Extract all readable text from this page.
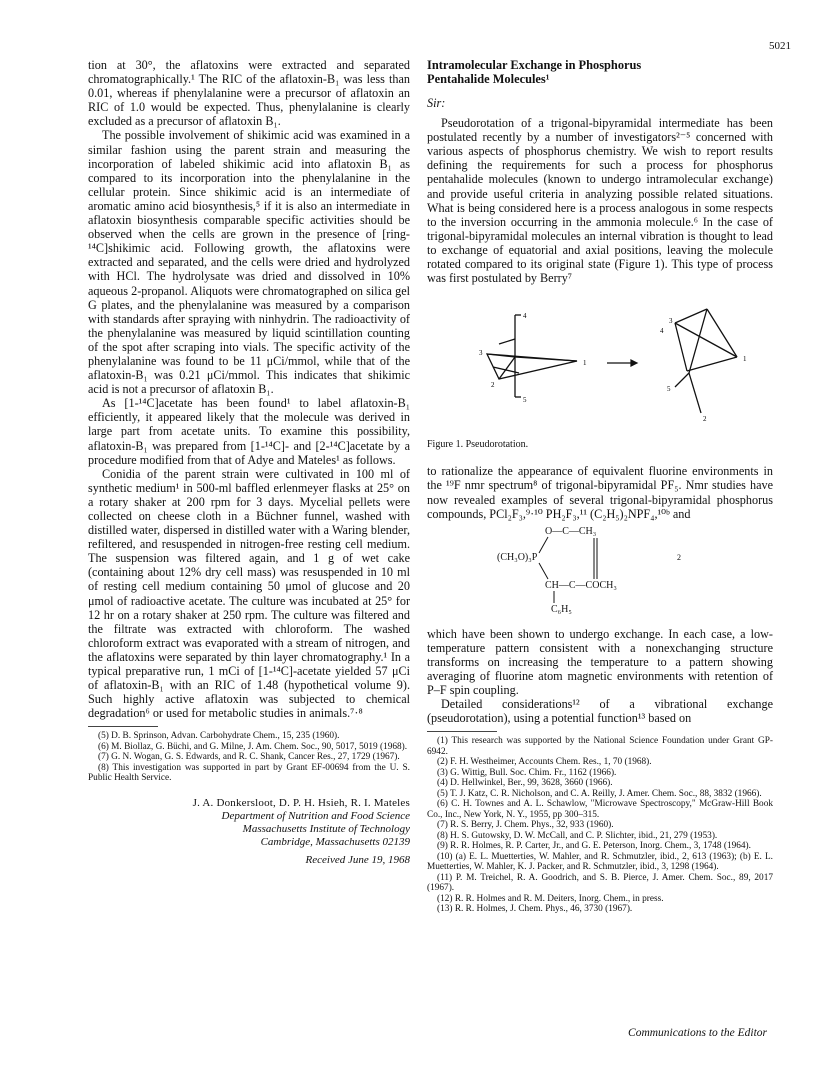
5021

tion at 30°, the aflatoxins were extracted and separated chromatographically.¹ The RIC of the aflatoxin-B₁ was less than 0.01, whereas if phenylalanine were a precursor of aflatoxin an RIC of 1.0 would be expected. Thus, phenylalanine is clearly excluded as a precursor of aflatoxin B₁.

The possible involvement of shikimic acid was examined in a similar fashion using the parent strain and measuring the incorporation of labeled shikimic acid into aflatoxin B₁ as compared to its incorporation into the phenylalanine in the cellular protein. Since shikimic acid is an intermediate of aromatic amino acid biosynthesis,⁵ if it is also an intermediate in aflatoxin biosynthesis comparable specific activities should be observed when the cells are grown in the presence of [ring-¹⁴C]shikimic acid. Following growth, the aflatoxins were extracted and separated, and the cells were dried and hydrolyzed with HCl. The hydrolysate was dried and dissolved in 10% aqueous 2-propanol. Aliquots were chromatographed on silica gel G plates, and the phenylalanine was measured by a comparison with standards after spraying with ninhydrin. The radioactivity of the phenylalanine was measured by liquid scintillation counting of the spot after scraping into vials. The specific activity of the phenylalanine was found to be 11 μCi/mmol, while that of the aflatoxin-B₁ was 0.21 μCi/mmol. This indicates that shikimic acid is not a precursor of aflatoxin B₁.

As [1-¹⁴C]acetate has been found¹ to label aflatoxin-B₁ efficiently, it appeared likely that the molecule was derived in large part from acetate units. To examine this possibility, aflatoxin-B₁ was prepared from [1-¹⁴C]- and [2-¹⁴C]acetate by a procedure modified from that of Adye and Mateles¹ as follows.

Conidia of the parent strain were cultivated in 100 ml of synthetic medium¹ in 500-ml baffled erlenmeyer flasks at 25° on a rotary shaker at 200 rpm for 3 days. Mycelial pellets were collected on cheese cloth in a Büchner funnel, washed with distilled water, dispersed in distilled water with a Waring blender, refiltered, and resuspended in nitrogen-free resting cell medium. The suspension was filtered again, and 1 g of wet cake (containing about 12% dry cell mass) was resuspended in 10 ml of resting cell medium containing 50 μmol of glucose and 20 μmol of radioactive acetate. The culture was incubated at 25° for 12 hr on a rotary shaker at 250 rpm. The culture was filtered and the filtrate was extracted with chloroform. The washed chloroform extract was evaporated with a stream of nitrogen, and the aflatoxins were separated by thin layer chromatography.¹ In a typical preparative run, 1 mCi of [1-¹⁴C]-acetate yielded 57 μCi of aflatoxin-B₁ with an RIC of 1.48 (hypothetical volume 9). Such highly active aflatoxin was subjected to chemical degradation⁶ or used for metabolic studies in animals.⁷·⁸

(5) D. B. Sprinson, Advan. Carbohydrate Chem., 15, 235 (1960).

(6) M. Biollaz, G. Büchi, and G. Milne, J. Am. Chem. Soc., 90, 5017, 5019 (1968).

(7) G. N. Wogan, G. S. Edwards, and R. C. Shank, Cancer Res., 27, 1729 (1967).

(8) This investigation was supported in part by Grant EF-00694 from the U. S. Public Health Service.

J. A. Donkersloot, D. P. H. Hsieh, R. I. Mateles
Department of Nutrition and Food Science
Massachusetts Institute of Technology
Cambridge, Massachusetts 02139
Received June 19, 1968

Intramolecular Exchange in Phosphorus

Pentahalide Molecules¹

Sir:

Pseudorotation of a trigonal-bipyramidal intermediate has been postulated recently by a number of investigators²⁻⁵ concerned with various aspects of phosphorus chemistry. We wish to report results defining the requirements for such a process for phosphorus pentahalide molecules (known to undergo intramolecular exchange) and provide useful criteria in analyzing possible related situations. What is being considered here is a process analogous in some respects to the inversion occurring in the ammonia molecule.⁶ In the case of trigonal-bipyramidal molecules an internal vibration is thought to lead to exchange of equatorial and axial positions, leaving the molecule rotated compared to its original state (Figure 1). This type of process was first postulated by Berry⁷

4
3
1
2
5
3
4
1
5
2
Figure 1. Pseudorotation.

to rationalize the appearance of equivalent fluorine environments in the ¹⁹F nmr spectrum⁸ of trigonal-bipyramidal PF₅. Nmr studies have now revealed examples of several trigonal-bipyramidal phosphorus compounds, PCl₂F₃,⁹·¹⁰ PH₂F₃,¹¹ (C₂H₅)₂NPF₄,¹⁰ᵇ and

O—C—CH₃
(CH₃O)₃P	2
CH—C—COCH₃
C₆H₅

which have been shown to undergo exchange. In each case, a low-temperature pattern consistent with a nonexchanging structure transforms on increasing the temperature to a pattern showing averaging of fluorine atom magnetic environments with retention of P–F spin coupling.

Detailed considerations¹² of a vibrational exchange (pseudorotation), using a potential function¹³ based on

(1) This research was supported by the National Science Foundation under Grant GP-6942.

(2) F. H. Westheimer, Accounts Chem. Res., 1, 70 (1968).

(3) G. Wittig, Bull. Soc. Chim. Fr., 1162 (1966).

(4) D. Hellwinkel, Ber., 99, 3628, 3660 (1966).

(5) T. J. Katz, C. R. Nicholson, and C. A. Reilly, J. Amer. Chem. Soc., 88, 3832 (1966).

(6) C. H. Townes and A. L. Schawlow, "Microwave Spectroscopy," McGraw-Hill Book Co., Inc., New York, N. Y., 1955, pp 300–315.

(7) R. S. Berry, J. Chem. Phys., 32, 933 (1960).

(8) H. S. Gutowsky, D. W. McCall, and C. P. Slichter, ibid., 21, 279 (1953).

(9) R. R. Holmes, R. P. Carter, Jr., and G. E. Peterson, Inorg. Chem., 3, 1748 (1964).

(10) (a) E. L. Muetterties, W. Mahler, and R. Schmutzler, ibid., 2, 613 (1963); (b) E. L. Muetterties, W. Mahler, K. J. Packer, and R. Schmutzler, ibid., 3, 1298 (1964).

(11) P. M. Treichel, R. A. Goodrich, and S. B. Pierce, J. Amer. Chem. Soc., 89, 2017 (1967).

(12) R. R. Holmes and R. M. Deiters, Inorg. Chem., in press.

(13) R. R. Holmes, J. Chem. Phys., 46, 3730 (1967).

Communications to the Editor
